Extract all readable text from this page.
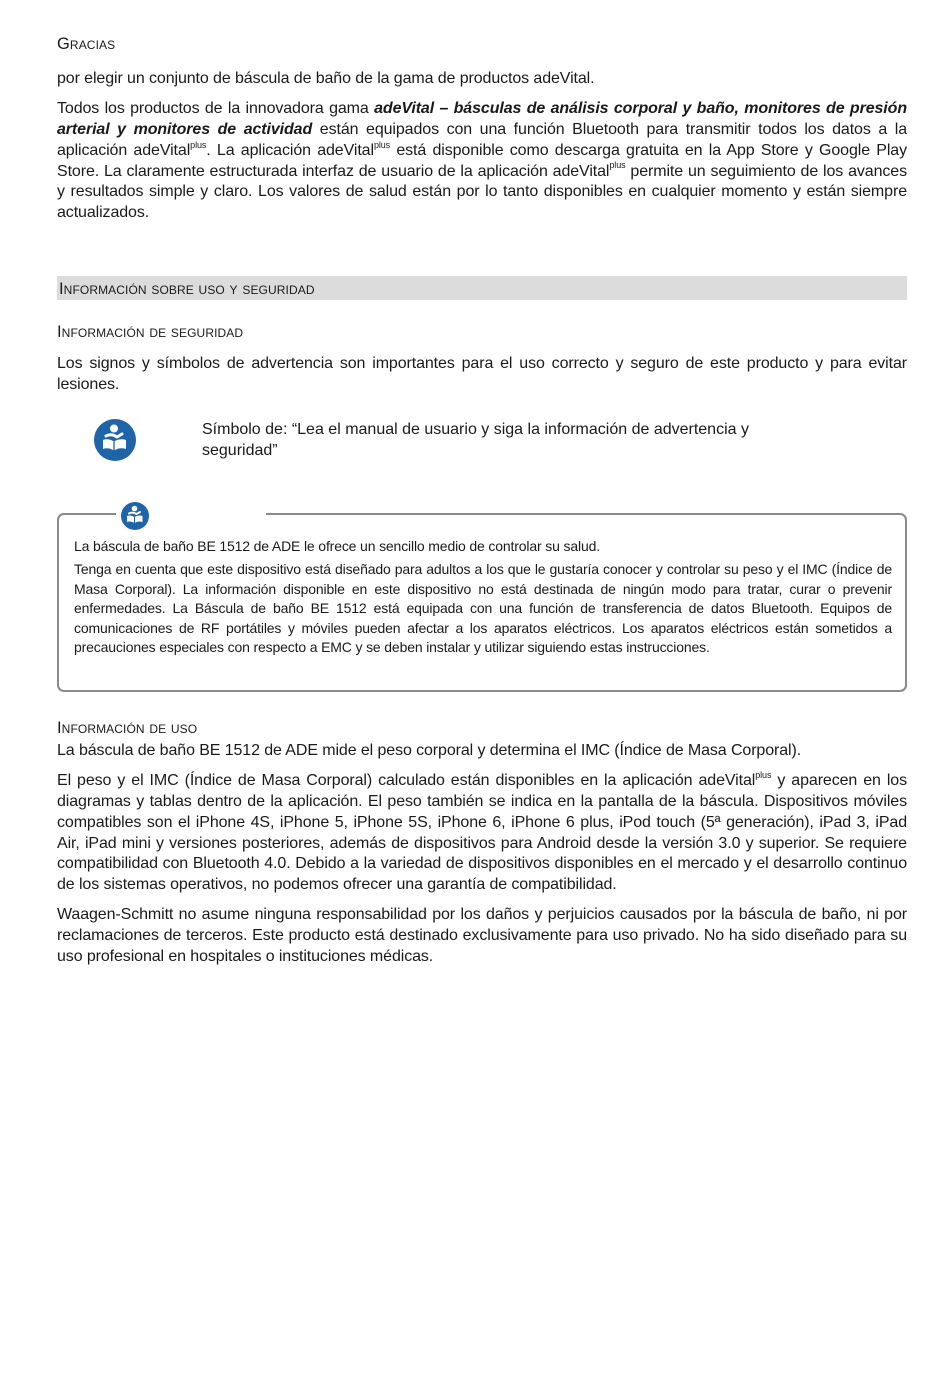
Gracias

por elegir un conjunto de báscula de baño de la gama de productos adeVital.

Todos los productos de la innovadora gama adeVital – básculas de análisis corporal y baño, monitores de presión arterial y monitores de actividad están equipados con una función Bluetooth para transmitir todos los datos a la aplicación adeVital$^{plus}$. La aplicación adeVital$^{plus}$ está disponible como descarga gratuita en la App Store y Google Play Store. La claramente estructurada interfaz de usuario de la aplicación adeVital$^{plus}$ permite un seguimiento de los avances y resultados simple y claro. Los valores de salud están por lo tanto disponibles en cualquier momento y están siempre actualizados.

Información sobre uso y seguridad
Información de seguridad

Los signos y símbolos de advertencia son importantes para el uso correcto y seguro de este producto y para evitar lesiones.

Símbolo de: “Lea el manual de usuario y siga la información de advertencia y seguridad”

La báscula de baño BE 1512 de ADE le ofrece un sencillo medio de controlar su salud.

Tenga en cuenta que este dispositivo está diseñado para adultos a los que le gustaría conocer y controlar su peso y el IMC (Índice de Masa Corporal). La información disponible en este dispositivo no está destinada de ningún modo para tratar, curar o prevenir enfermedades. La Báscula de baño BE 1512 está equipada con una función de transferencia de datos Bluetooth. Equipos de comunicaciones de RF portátiles y móviles pueden afectar a los aparatos eléctricos. Los aparatos eléctricos están sometidos a precauciones especiales con respecto a EMC y se deben instalar y utilizar siguiendo estas instrucciones.

Información de uso

La báscula de baño BE 1512 de ADE mide el peso corporal y determina el IMC (Índice de Masa Corporal).

El peso y el IMC (Índice de Masa Corporal) calculado están disponibles en la aplicación adeVital$^{plus}$ y aparecen en los diagramas y tablas dentro de la aplicación. El peso también se indica en la pantalla de la báscula. Dispositivos móviles compatibles son el iPhone 4S, iPhone 5, iPhone 5S, iPhone 6, iPhone 6 plus, iPod touch (5ª generación), iPad 3, iPad Air, iPad mini y versiones posteriores, además de dispositivos para Android desde la versión 3.0 y superior. Se requiere compatibilidad con Bluetooth 4.0. Debido a la variedad de dispositivos disponibles en el mercado y el desarrollo continuo de los sistemas operativos, no podemos ofrecer una garantía de compatibilidad.

Waagen-Schmitt no asume ninguna responsabilidad por los daños y perjuicios causados por la báscula de baño, ni por reclamaciones de terceros. Este producto está destinado exclusivamente para uso privado. No ha sido diseñado para su uso profesional en hospitales o instituciones médicas.
